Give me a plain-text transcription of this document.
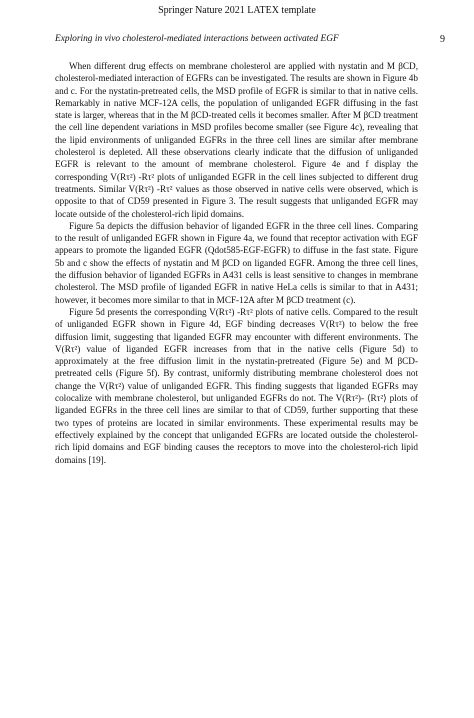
Springer Nature 2021 LATEX template
Exploring in vivo cholesterol-mediated interactions between activated EGF	9

When different drug effects on membrane cholesterol are applied with nystatin and M βCD, cholesterol-mediated interaction of EGFRs can be investigated. The results are shown in Figure 4b and c. For the nystatin-pretreated cells, the MSD profile of EGFR is similar to that in native cells. Remarkably in native MCF-12A cells, the population of unliganded EGFR diffusing in the fast state is larger, whereas that in the M βCD-treated cells it becomes smaller. After M βCD treatment the cell line dependent variations in MSD profiles become smaller (see Figure 4c), revealing that the lipid environments of unliganded EGFRs in the three cell lines are similar after membrane cholesterol is depleted. All these observations clearly indicate that the diffusion of unliganded EGFR is relevant to the amount of membrane cholesterol. Figure 4e and f display the corresponding V(Rτ²) -Rτ² plots of unliganded EGFR in the cell lines subjected to different drug treatments. Similar V(Rτ²) -Rτ² values as those observed in native cells were observed, which is opposite to that of CD59 presented in Figure 3. The result suggests that unliganded EGFR may locate outside of the cholesterol-rich lipid domains.

Figure 5a depicts the diffusion behavior of liganded EGFR in the three cell lines. Comparing to the result of unliganded EGFR shown in Figure 4a, we found that receptor activation with EGF appears to promote the liganded EGFR (Qdot585-EGF-EGFR) to diffuse in the fast state. Figure 5b and c show the effects of nystatin and M βCD on liganded EGFR. Among the three cell lines, the diffusion behavior of liganded EGFRs in A431 cells is least sensitive to changes in membrane cholesterol. The MSD profile of liganded EGFR in native HeLa cells is similar to that in A431; however, it becomes more similar to that in MCF-12A after M βCD treatment (c).

Figure 5d presents the corresponding V(Rτ²) -Rτ² plots of native cells. Compared to the result of unliganded EGFR shown in Figure 4d, EGF binding decreases V(Rτ²) to below the free diffusion limit, suggesting that liganded EGFR may encounter with different environments. The V(Rτ²) value of liganded EGFR increases from that in the native cells (Figure 5d) to approximately at the free diffusion limit in the nystatin-pretreated (Figure 5e) and M βCD-pretreated cells (Figure 5f). By contrast, uniformly distributing membrane cholesterol does not change the V(Rτ²) value of unliganded EGFR. This finding suggests that liganded EGFRs may colocalize with membrane cholesterol, but unliganded EGFRs do not. The V(Rτ²)- ⟨Rτ²⟩ plots of liganded EGFRs in the three cell lines are similar to that of CD59, further supporting that these two types of proteins are located in similar environments. These experimental results may be effectively explained by the concept that unliganded EGFRs are located outside the cholesterol-rich lipid domains and EGF binding causes the receptors to move into the cholesterol-rich lipid domains [19].
